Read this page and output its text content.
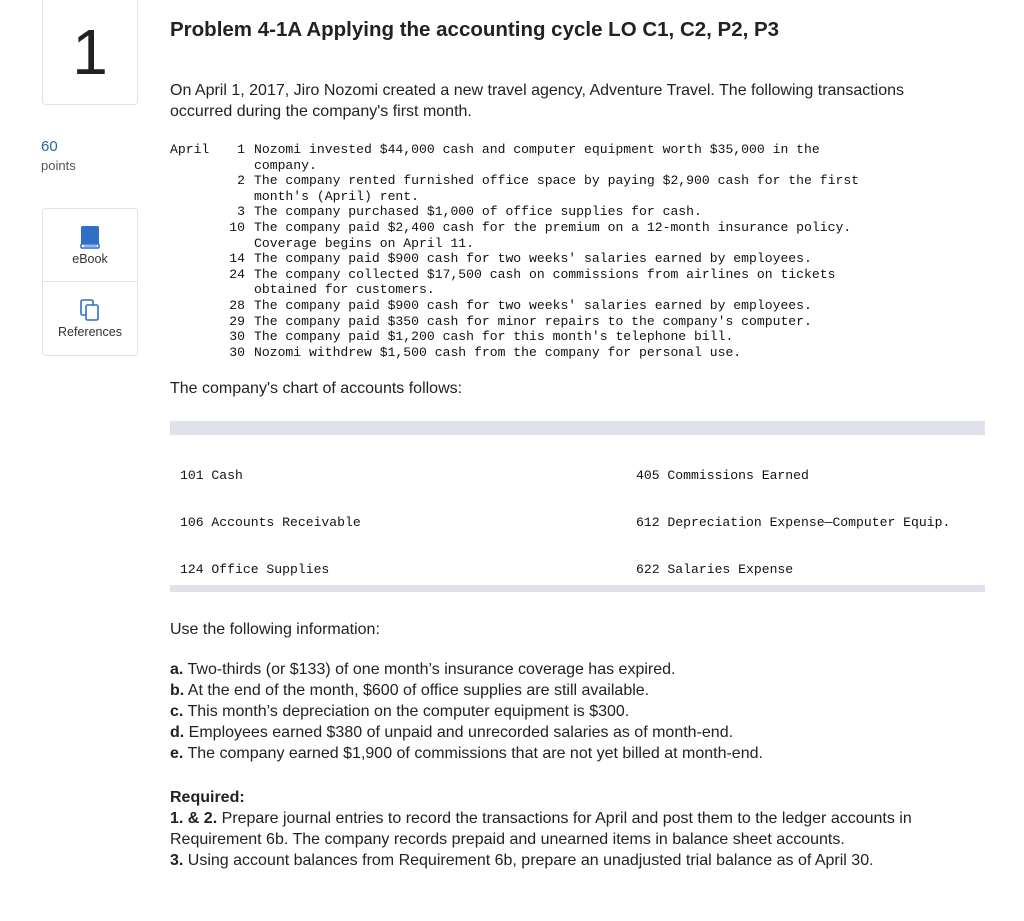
1
60
points
eBook
References
Problem 4-1A Applying the accounting cycle LO C1, C2, P2, P3
On April 1, 2017, Jiro Nozomi created a new travel agency, Adventure Travel. The following transactions occurred during the company's first month.
April	1 Nozomi invested $44,000 cash and computer equipment worth $35,000 in the
company.
2 The company rented furnished office space by paying $2,900 cash for the first
month's (April) rent.
3 The company purchased $1,000 of office supplies for cash.
10 The company paid $2,400 cash for the premium on a 12-month insurance policy.
Coverage begins on April 11.
14 The company paid $900 cash for two weeks' salaries earned by employees.
24 The company collected $17,500 cash on commissions from airlines on tickets
obtained for customers.
28 The company paid $900 cash for two weeks' salaries earned by employees.
29 The company paid $350 cash for minor repairs to the company's computer.
30 The company paid $1,200 cash for this month's telephone bill.
30 Nozomi withdrew $1,500 cash from the company for personal use.
The company's chart of accounts follows:

101 Cash

106 Accounts Receivable

124 Office Supplies

405 Commissions Earned

612 Depreciation Expense—Computer Equip.

622 Salaries Expense

Use the following information:
a. Two-thirds (or $133) of one month’s insurance coverage has expired.
b. At the end of the month, $600 of office supplies are still available.
c. This month’s depreciation on the computer equipment is $300.
d. Employees earned $380 of unpaid and unrecorded salaries as of month-end.
e. The company earned $1,900 of commissions that are not yet billed at month-end.
Required:
1. & 2. Prepare journal entries to record the transactions for April and post them to the ledger accounts in Requirement 6b. The company records prepaid and unearned items in balance sheet accounts.
3. Using account balances from Requirement 6b, prepare an unadjusted trial balance as of April 30.
